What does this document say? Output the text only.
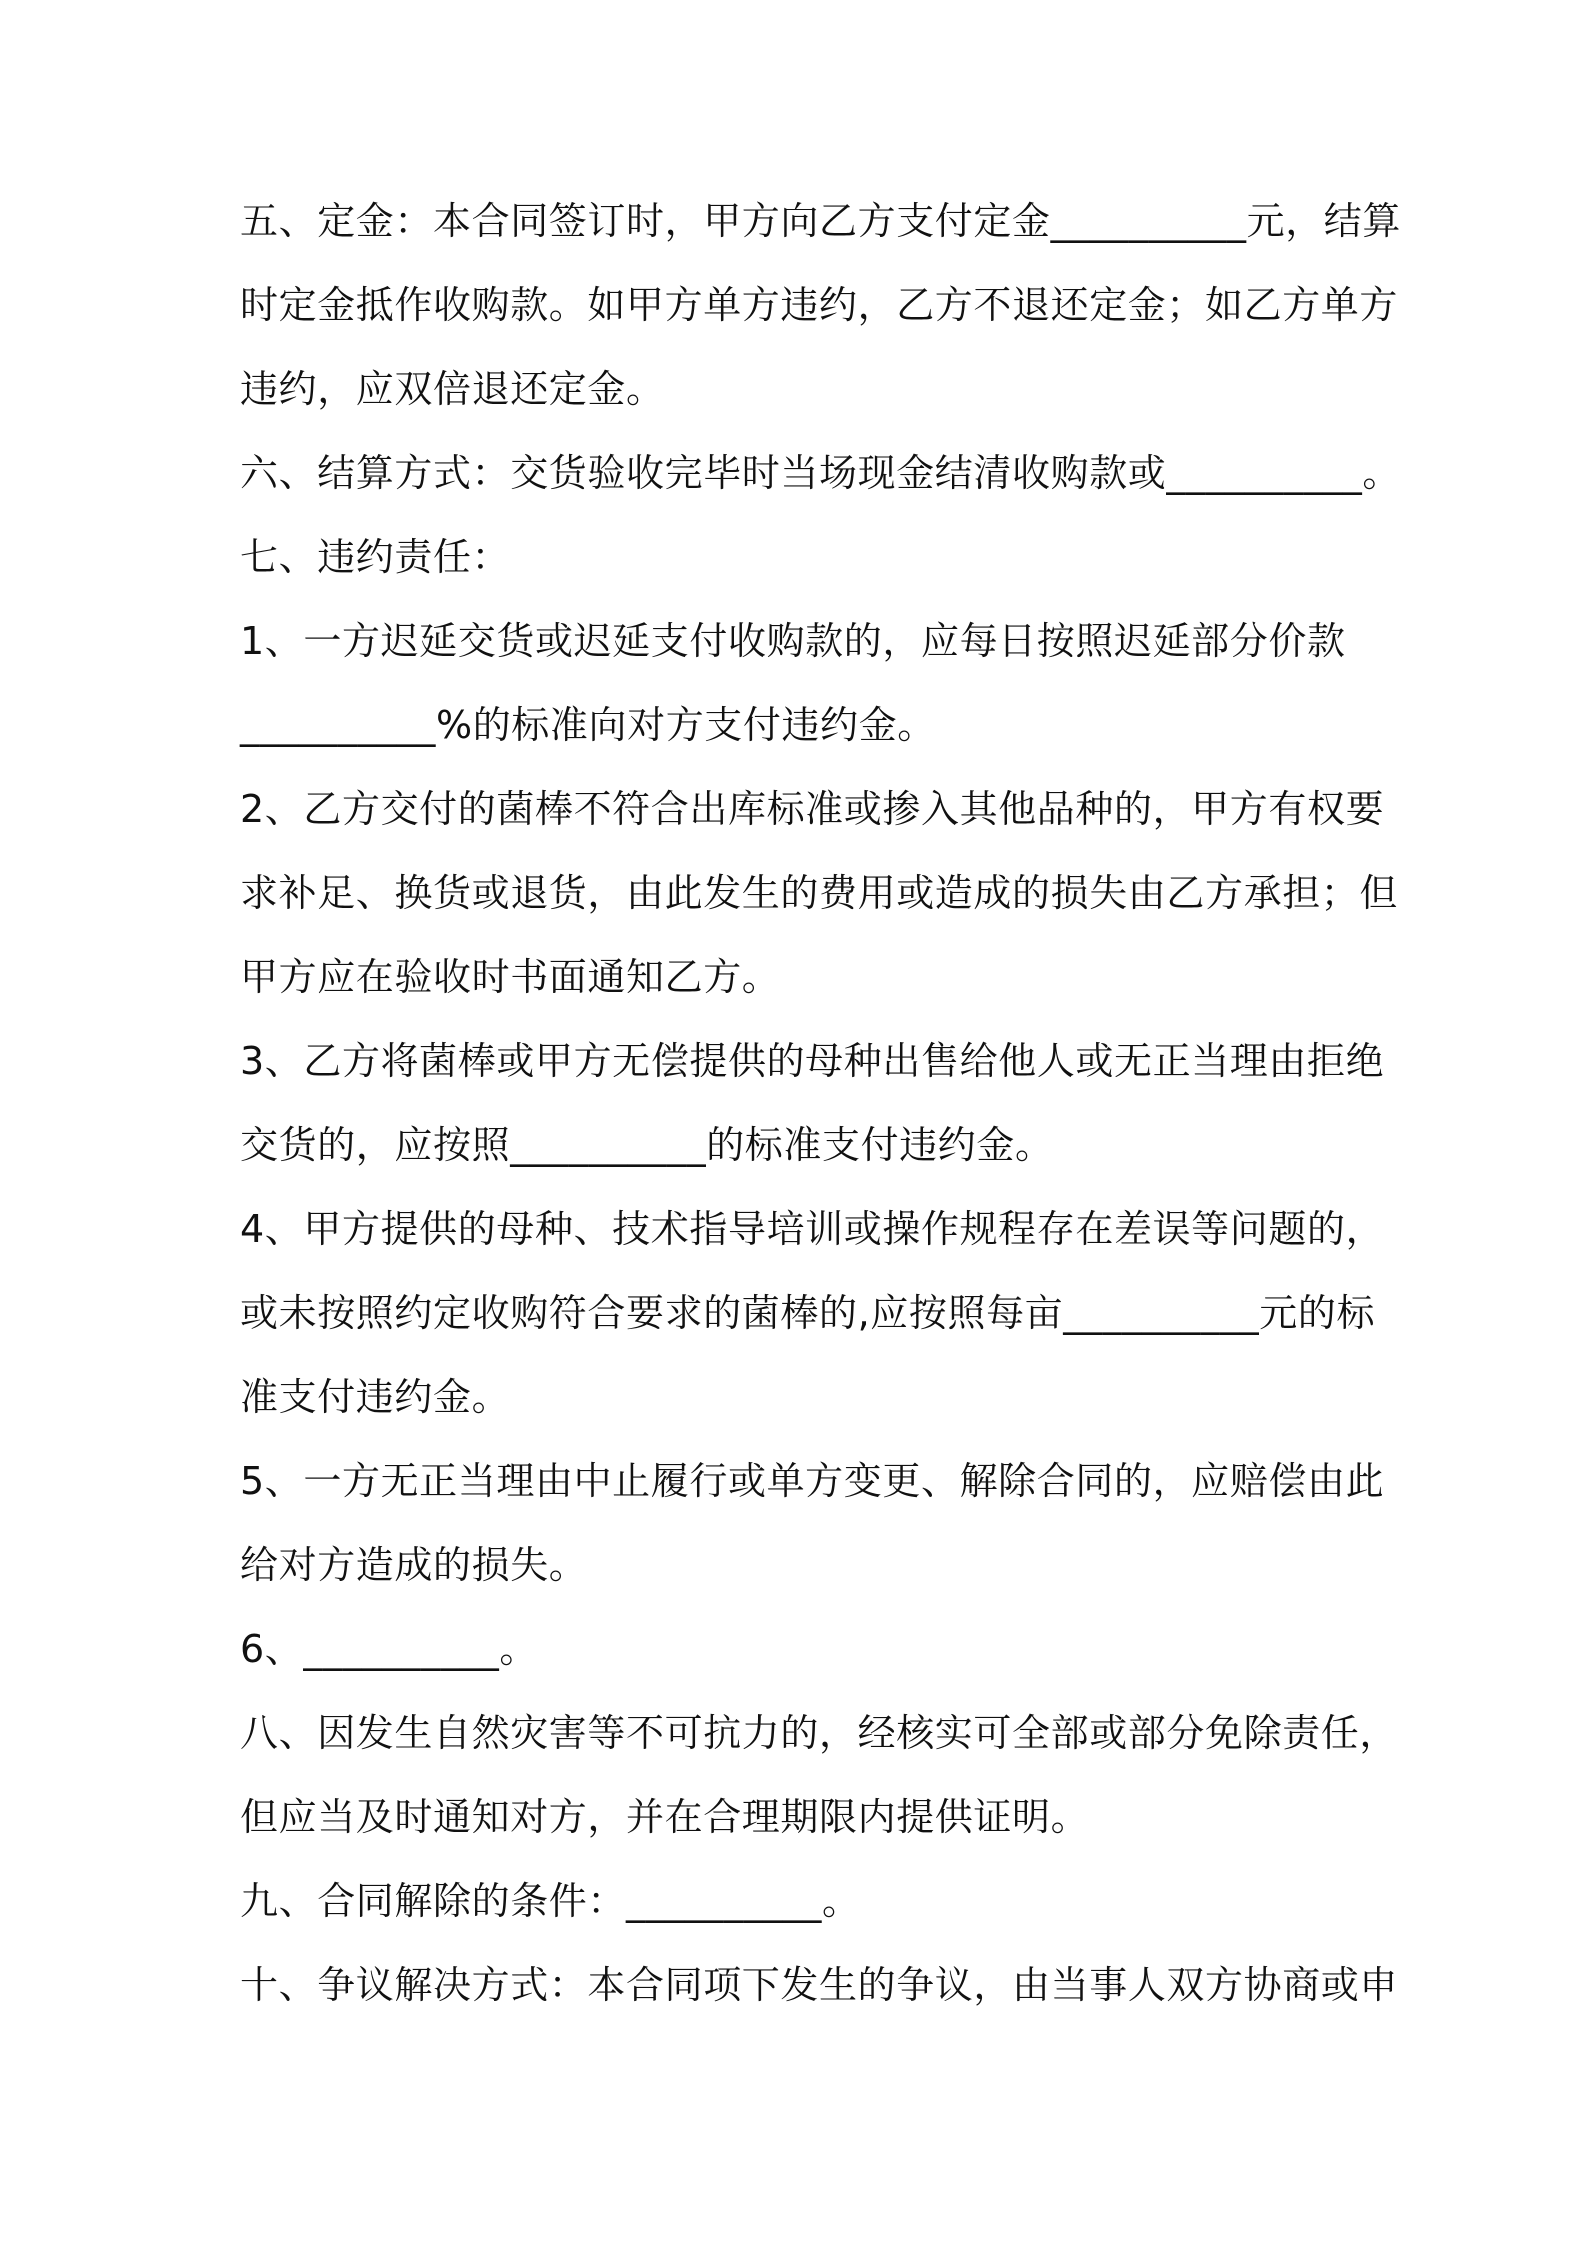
五、定金：本合同签订时，甲方向乙方支付定金__________元，结算
时定金抵作收购款。如甲方单方违约，乙方不退还定金；如乙方单方
违约，应双倍退还定金。
六、结算方式：交货验收完毕时当场现金结清收购款或__________。
七、违约责任：
1、一方迟延交货或迟延支付收购款的，应每日按照迟延部分价款
__________%的标准向对方支付违约金。
2、乙方交付的菌棒不符合出库标准或掺入其他品种的，甲方有权要
求补足、换货或退货，由此发生的费用或造成的损失由乙方承担；但
甲方应在验收时书面通知乙方。
3、乙方将菌棒或甲方无偿提供的母种出售给他人或无正当理由拒绝
交货的，应按照__________的标准支付违约金。
4、甲方提供的母种、技术指导培训或操作规程存在差误等问题的，
或未按照约定收购符合要求的菌棒的,应按照每亩__________元的标
准支付违约金。
5、一方无正当理由中止履行或单方变更、解除合同的，应赔偿由此
给对方造成的损失。
6、__________。
八、因发生自然灾害等不可抗力的，经核实可全部或部分免除责任，
但应当及时通知对方，并在合理期限内提供证明。
九、合同解除的条件：__________。
十、争议解决方式：本合同项下发生的争议，由当事人双方协商或申
